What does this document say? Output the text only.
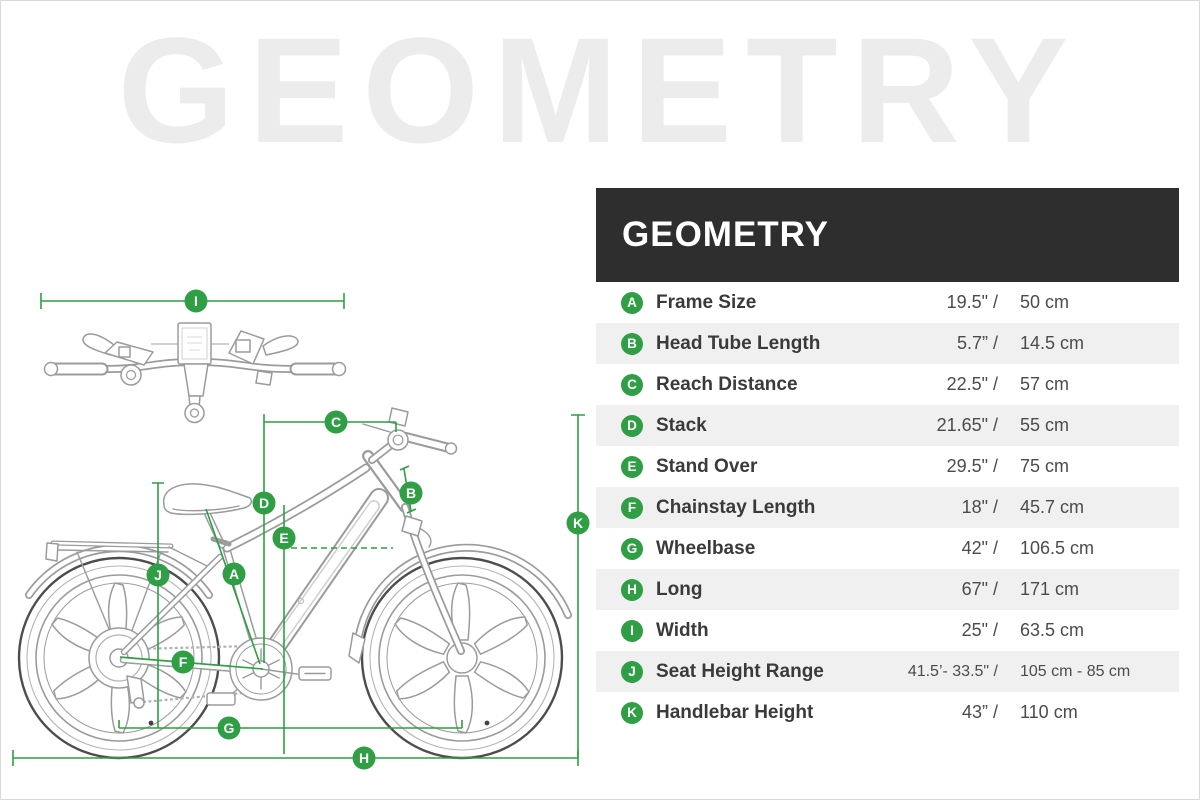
GEOMETRY
I
C
D
B
E
A
J
F
G
H
K
GEOMETRY
A	Frame Size	19.5" /	50 cm
B	Head Tube Length	5.7” /	14.5 cm
C	Reach Distance	22.5" /	57 cm
D	Stack	21.65" /	55 cm
E	Stand Over	29.5" /	75 cm
F	Chainstay Length	18" /	45.7 cm
G Wheelbase	42" /	106.5 cm
H	Long	67" /	171 cm
I	Width	25" /	63.5 cm
J	Seat Height Range	41.5’- 33.5" /	105 cm - 85 cm
K	Handlebar Height	43” /	110 cm
